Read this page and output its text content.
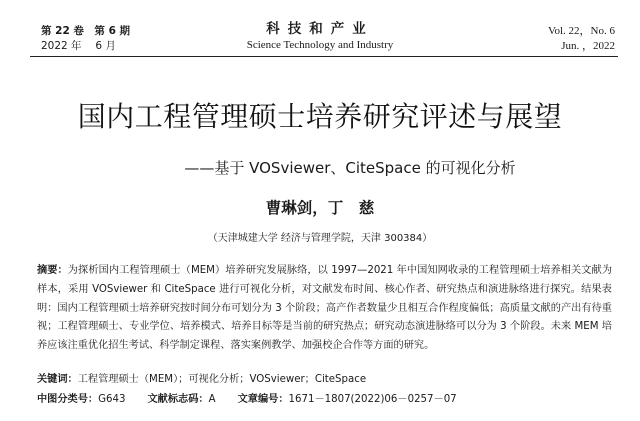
第 22 卷　第 6 期
2022 年　 6 月
科技和产业
Science Technology and Industry
Vol. 22，No. 6
Jun. ，2022
国内工程管理硕士培养研究评述与展望
——基于 VOSviewer、CiteSpace 的可视化分析
曹琳剑，丁　慈
（天津城建大学 经济与管理学院，天津 300384）
摘要：为探析国内工程管理硕士（MEM）培养研究发展脉络，以 1997—2021 年中国知网收录的工程管理硕士培养相关文献为样本，采用 VOSviewer 和 CiteSpace 进行可视化分析，对文献发布时间、核心作者、研究热点和演进脉络进行探究。结果表明：国内工程管理硕士培养研究按时间分布可划分为 3 个阶段；高产作者数量少且相互合作程度偏低；高质量文献的产出有待重视；工程管理硕士、专业学位、培养模式、培养目标等是当前的研究热点；研究动态演进脉络可以分为 3 个阶段。未来 MEM 培养应该注重优化招生考试、科学制定课程、落实案例教学、加强校企合作等方面的研究。
关键词：工程管理硕士（MEM）；可视化分析；VOSviewer；CiteSpace
中图分类号：G643 文献标志码：A 文章编号：1671－1807(2022)06－0257－07
